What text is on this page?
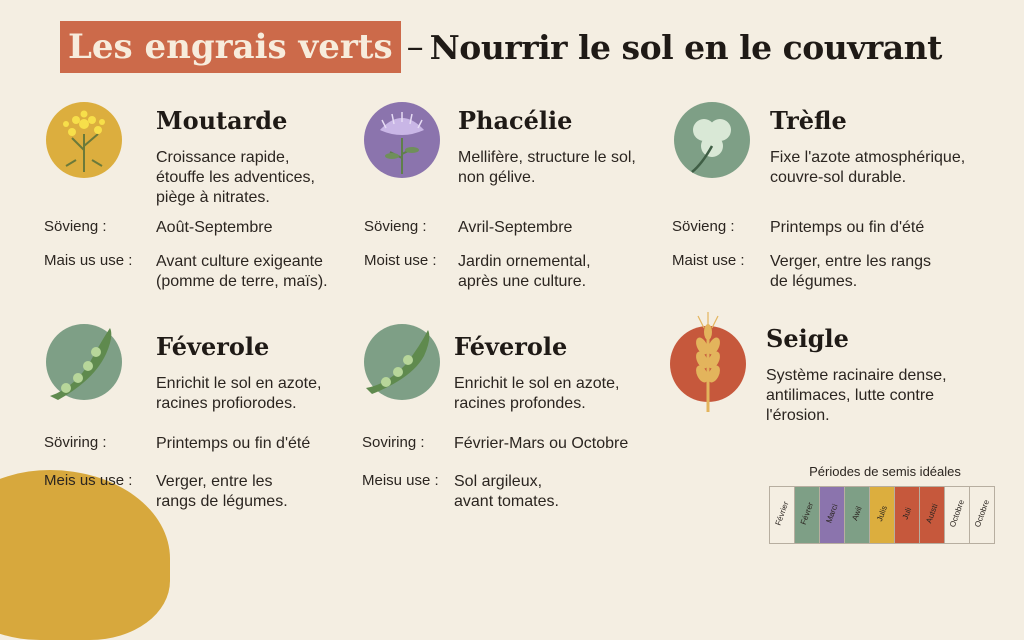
Les engrais verts – Nourrir le sol en le couvrant
Moutarde
Croissance rapide,
étouffe les adventices,
piège à nitrates.
Sövieng :	Août-Septembre
Mais us use : Avant culture exigeante
(pomme de terre, maïs).
Phacélie
Mellifère, structure le sol,
non gélive.
Sövieng : Avril-Septembre
Moist use : Jardin ornemental,
après une culture.
Trèfle
Fixe l'azote atmosphérique,
couvre-sol durable.
Sövieng : Printemps ou fin d'été
Maist use : Verger, entre les rangs
de légumes.
Féverole
Enrichit le sol en azote,
racines profiorodes.
Söviring :	Printemps ou fin d'été
Meis us use : Verger, entre les
rangs de légumes.
Féverole
Enrichit le sol en azote,
racines profondes.
Soviring : Février-Mars ou Octobre
Meisu use : Sol argileux,
avant tomates.
Seigle
Système racinaire dense,
antilimaces, lutte contre
l'érosion.
Périodes de semis idéales
Février	Févrer	Marci	Awil	Julis	Juli	Autsti	Octobre Octobre
